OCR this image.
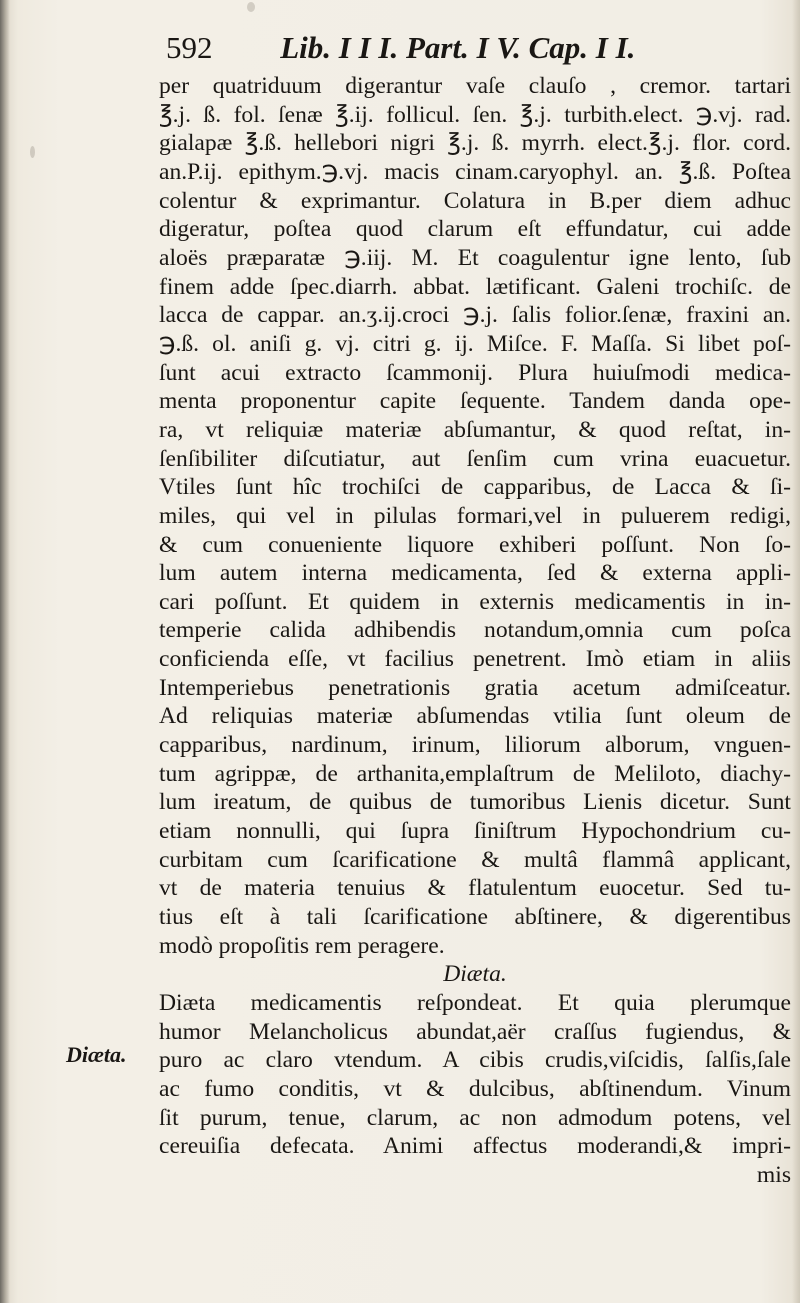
592 Lib. I I I. Part. I V. Cap. I I.
Diæta.
per quatriduum digerantur vaſe clauſo , cremor. tartari
℥.j. ß. fol. ſenæ ℥.ij. follicul. ſen. ℥.j. turbith.elect. ℈.vj. rad.
gialapæ ℥.ß. hellebori nigri ℥.j. ß. myrrh. elect.℥.j. flor. cord.
an.P.ij. epithym.℈.vj. macis cinam.caryophyl. an. ℥.ß. Poſtea
colentur & exprimantur. Colatura in B.per diem adhuc
digeratur, poſtea quod clarum eſt effundatur, cui adde
aloës præparatæ ℈.iij. M. Et coagulentur igne lento, ſub
finem adde ſpec.diarrh. abbat. lætificant. Galeni trochiſc. de
lacca de cappar. an.ʒ.ij.croci ℈.j. ſalis folior.ſenæ, fraxini an.
℈.ß. ol. aniſi g. vj. citri g. ij. Miſce. F. Maſſa. Si libet poſ-
ſunt acui extracto ſcammonij. Plura huiuſmodi medica-
menta proponentur capite ſequente. Tandem danda ope-
ra, vt reliquiæ materiæ abſumantur, & quod reſtat, in-
ſenſibiliter diſcutiatur, aut ſenſim cum vrina euacuetur.
Vtiles ſunt hîc trochiſci de capparibus, de Lacca & ſi-
miles, qui vel in pilulas formari,vel in puluerem redigi,
& cum conueniente liquore exhiberi poſſunt. Non ſo-
lum autem interna medicamenta, ſed & externa appli-
cari poſſunt. Et quidem in externis medicamentis in in-
temperie calida adhibendis notandum,omnia cum poſca
conficienda eſſe, vt facilius penetrent. Imò etiam in aliis
Intemperiebus penetrationis gratia acetum admiſceatur.
Ad reliquias materiæ abſumendas vtilia ſunt oleum de
capparibus, nardinum, irinum, liliorum alborum, vnguen-
tum agrippæ, de arthanita,emplaſtrum de Meliloto, diachy-
lum ireatum, de quibus de tumoribus Lienis dicetur. Sunt
etiam nonnulli, qui ſupra ſiniſtrum Hypochondrium cu-
curbitam cum ſcarificatione & multâ flammâ applicant,
vt de materia tenuius & flatulentum euocetur. Sed tu-
tius eſt à tali ſcarificatione abſtinere, & digerentibus
modò propoſitis rem peragere.
Diæta.
Diæta medicamentis reſpondeat. Et quia plerumque
humor Melancholicus abundat,aër craſſus fugiendus, &
puro ac claro vtendum. A cibis crudis,viſcidis, ſalſis,ſale
ac fumo conditis, vt & dulcibus, abſtinendum. Vinum
ſit purum, tenue, clarum, ac non admodum potens, vel
cereuiſia defecata. Animi affectus moderandi,& impri-
mis
